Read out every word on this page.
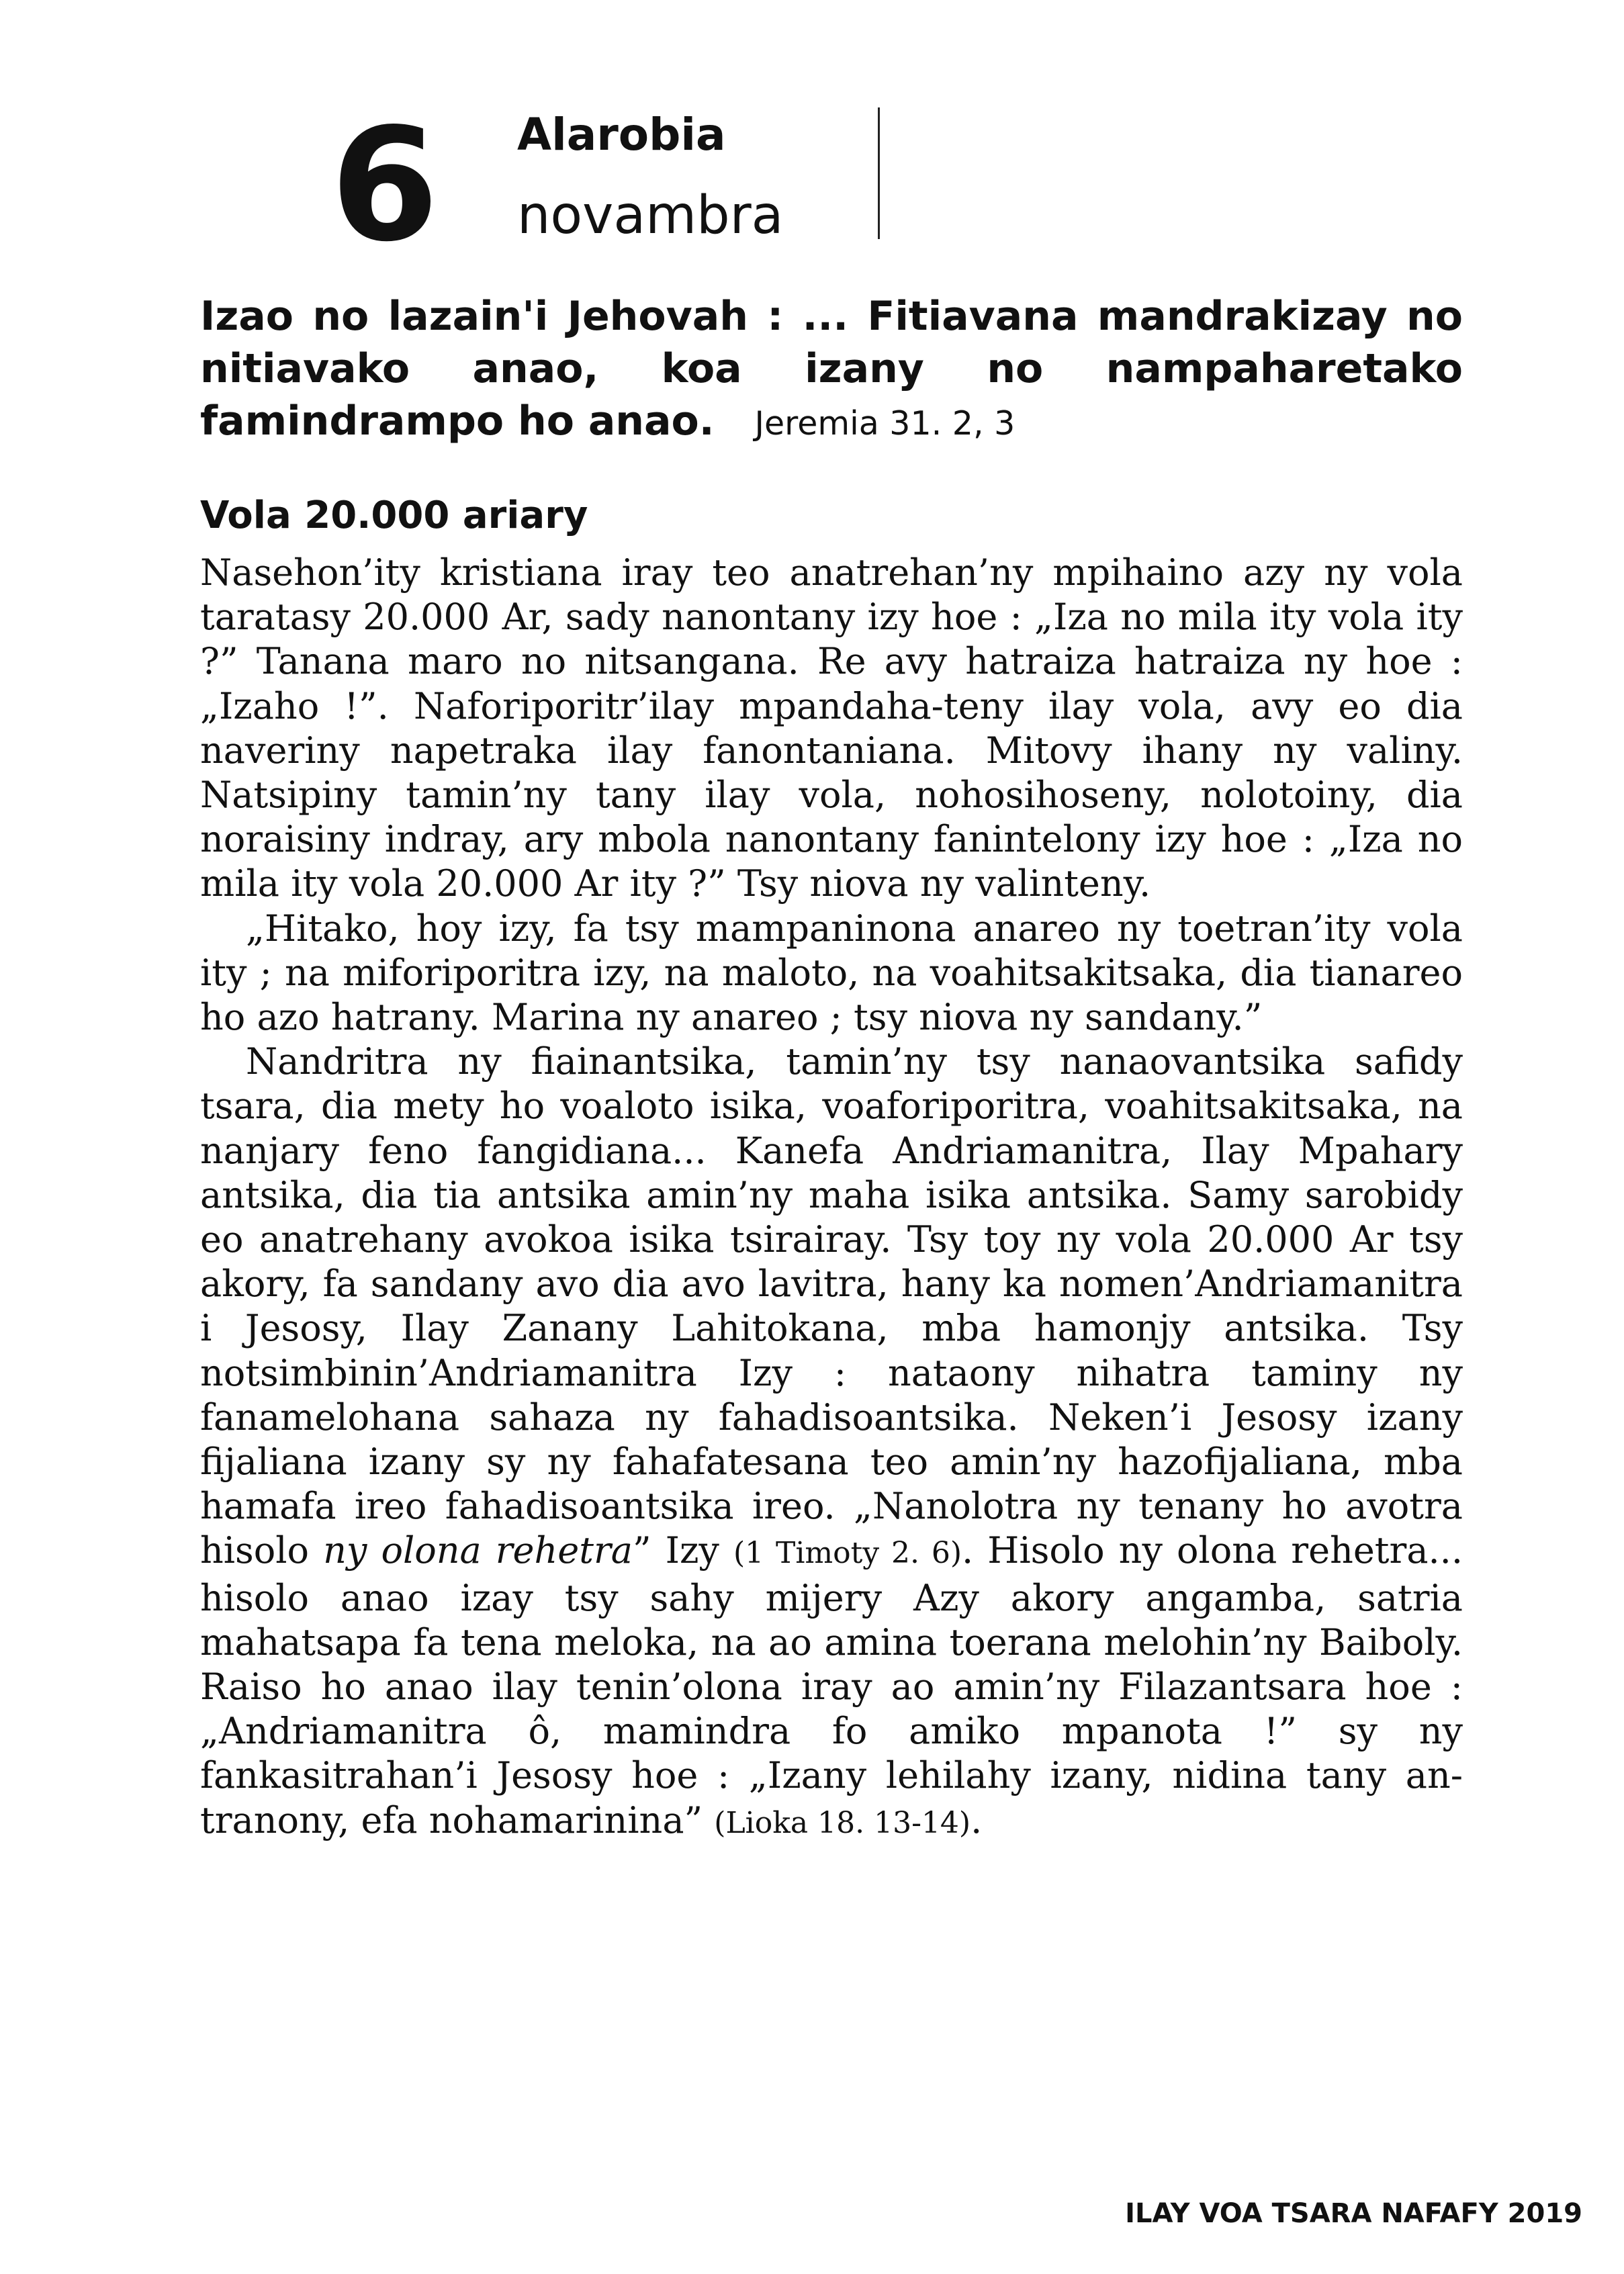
6 Alarobia
novambra
Izao no lazain'i Jehovah : ... Fitiavana mandrakizay no nitiavako anao, koa izany no nampaharetako famindrampo ho anao. Jeremia 31. 2, 3
Vola 20.000 ariary

Nasehon’ity kristiana iray teo anatrehan’ny mpihaino azy ny vola taratasy 20.000 Ar, sady nanontany izy hoe : „Iza no mila ity vola ity ?” Tanana maro no nitsangana. Re avy hatraiza hatraiza ny hoe : „Izaho !”. Naforiporitr’ilay mpandaha-teny ilay vola, avy eo dia naveriny napetraka ilay fanontaniana. Mitovy ihany ny valiny. Natsipiny tamin’ny tany ilay vola, nohosihoseny, nolotoiny, dia noraisiny indray, ary mbola nanontany fanintelony izy hoe : „Iza no mila ity vola 20.000 Ar ity ?” Tsy niova ny valinteny.

„Hitako, hoy izy, fa tsy mampaninona anareo ny toetran’ity vola ity ; na miforiporitra izy, na maloto, na voahitsakitsaka, dia tianareo ho azo hatrany. Marina ny anareo ; tsy niova ny sandany.”

Nandritra ny fiainantsika, tamin’ny tsy nanaovantsika safidy tsara, dia mety ho voaloto isika, voaforiporitra, voahitsakitsaka, na nanjary feno fangidiana... Kanefa Andriamanitra, Ilay Mpahary antsika, dia tia antsika amin’ny maha isika antsika. Samy sarobidy eo anatrehany avokoa isika tsirairay. Tsy toy ny vola 20.000 Ar tsy akory, fa sandany avo dia avo lavitra, hany ka nomen’Andriamanitra i Jesosy, Ilay Zanany Lahitokana, mba hamonjy antsika. Tsy notsimbinin’Andriamanitra Izy : nataony nihatra taminy ny fanamelohana sahaza ny fahadisoantsika. Neken’i Jesosy izany fijaliana izany sy ny fahafatesana teo amin’ny hazofijaliana, mba hamafa ireo fahadisoantsika ireo. „Nanolotra ny tenany ho avotra hisolo ny olona rehetra” Izy (1 Timoty 2. 6). Hisolo ny olona rehetra... hisolo anao izay tsy sahy mijery Azy akory angamba, satria mahatsapa fa tena meloka, na ao amina toerana melohin’ny Baiboly. Raiso ho anao ilay tenin’olona iray ao amin’ny Filazantsara hoe : „Andriamanitra ô, mamindra fo amiko mpanota !” sy ny fankasitrahan’i Jesosy hoe : „Izany lehilahy izany, nidina tany an-tranony, efa nohamarinina” (Lioka 18. 13-14).

ILAY VOA TSARA NAFAFY 2019
